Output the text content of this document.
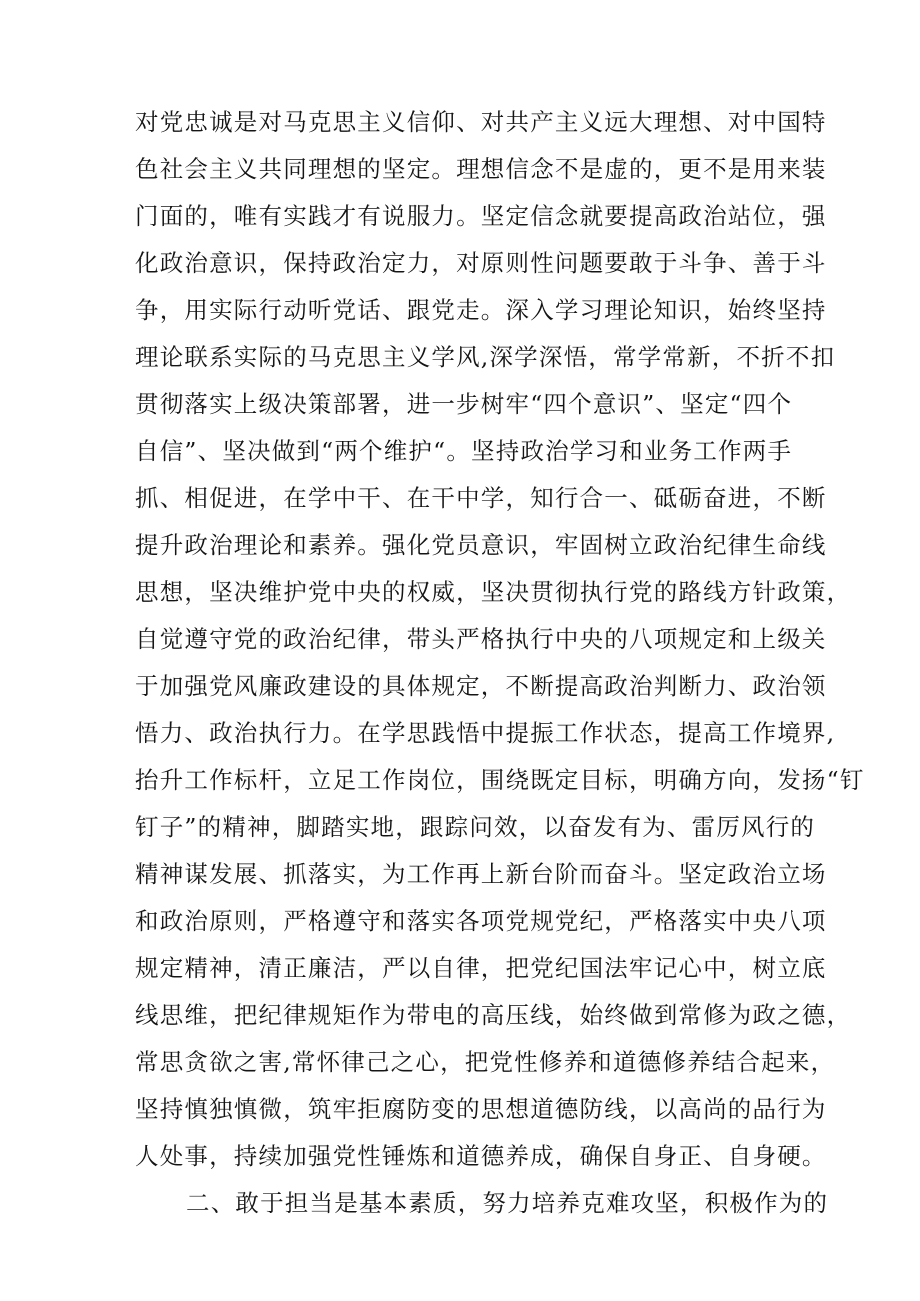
对党忠诚是对马克思主义信仰、对共产主义远大理想、对中国特
色社会主义共同理想的坚定。理想信念不是虚的，更不是用来装
门面的，唯有实践才有说服力。坚定信念就要提高政治站位，强
化政治意识，保持政治定力，对原则性问题要敢于斗争、善于斗
争，用实际行动听党话、跟党走。深入学习理论知识，始终坚持
理论联系实际的马克思主义学风,深学深悟，常学常新，不折不扣
贯彻落实上级决策部署，进一步树牢“四个意识”、坚定“四个
自信”、坚决做到“两个维护“。坚持政治学习和业务工作两手
抓、相促进，在学中干、在干中学，知行合一、砥砺奋进，不断
提升政治理论和素养。强化党员意识，牢固树立政治纪律生命线
思想，坚决维护党中央的权威，坚决贯彻执行党的路线方针政策，
自觉遵守党的政治纪律，带头严格执行中央的八项规定和上级关
于加强党风廉政建设的具体规定，不断提高政治判断力、政治领
悟力、政治执行力。在学思践悟中提振工作状态，提高工作境界,
抬升工作标杆，立足工作岗位，围绕既定目标，明确方向，发扬“钉
钉子”的精神，脚踏实地，跟踪问效，以奋发有为、雷厉风行的
精神谋发展、抓落实，为工作再上新台阶而奋斗。坚定政治立场
和政治原则，严格遵守和落实各项党规党纪，严格落实中央八项
规定精神，清正廉洁，严以自律，把党纪国法牢记心中，树立底
线思维，把纪律规矩作为带电的高压线，始终做到常修为政之德，
常思贪欲之害,常怀律己之心，把党性修养和道德修养结合起来，
坚持慎独慎微，筑牢拒腐防变的思想道德防线，以高尚的品行为
人处事，持续加强党性锤炼和道德养成，确保自身正、自身硬。
二、敢于担当是基本素质，努力培养克难攻坚，积极作为的
